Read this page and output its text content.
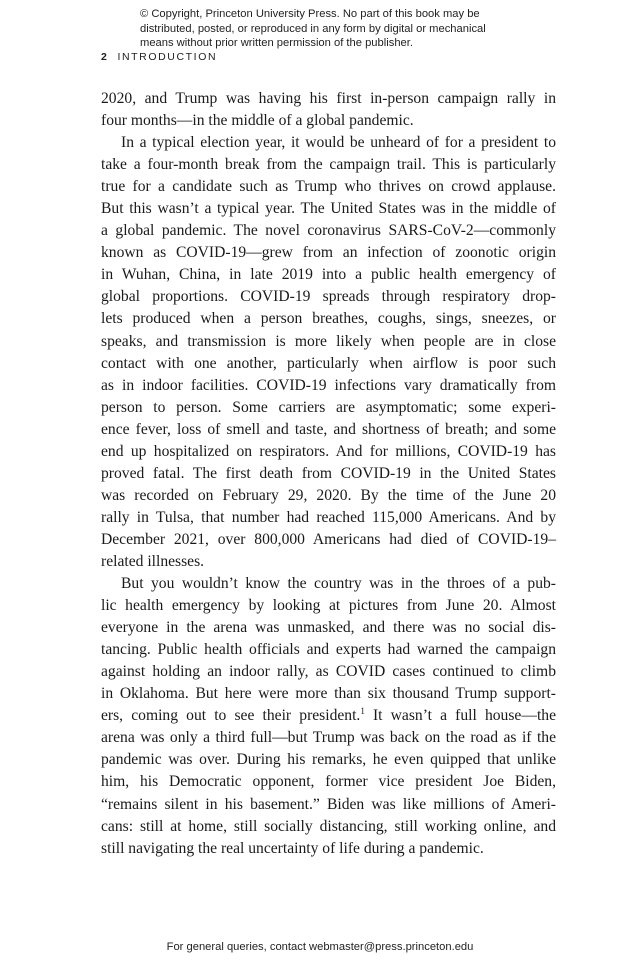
© Copyright, Princeton University Press. No part of this book may be
distributed, posted, or reproduced in any form by digital or mechanical
means without prior written permission of the publisher.
2 INTRODUCTION
2020, and Trump was having his first in-person campaign rally in
four months—in the middle of a global pandemic.
In a typical election year, it would be unheard of for a president to
take a four-month break from the campaign trail. This is particularly
true for a candidate such as Trump who thrives on crowd applause.
But this wasn’t a typical year. The United States was in the middle of
a global pandemic. The novel coronavirus SARS-CoV-2—commonly
known as COVID-19—grew from an infection of zoonotic origin
in Wuhan, China, in late 2019 into a public health emergency of
global proportions. COVID-19 spreads through respiratory drop-
lets produced when a person breathes, coughs, sings, sneezes, or
speaks, and transmission is more likely when people are in close
contact with one another, particularly when airflow is poor such
as in indoor facilities. COVID-19 infections vary dramatically from
person to person. Some carriers are asymptomatic; some experi-
ence fever, loss of smell and taste, and shortness of breath; and some
end up hospitalized on respirators. And for millions, COVID-19 has
proved fatal. The first death from COVID-19 in the United States
was recorded on February 29, 2020. By the time of the June 20
rally in Tulsa, that number had reached 115,000 Americans. And by
December 2021, over 800,000 Americans had died of COVID-19–
related illnesses.
But you wouldn’t know the country was in the throes of a pub-
lic health emergency by looking at pictures from June 20. Almost
everyone in the arena was unmasked, and there was no social dis-
tancing. Public health officials and experts had warned the campaign
against holding an indoor rally, as COVID cases continued to climb
in Oklahoma. But here were more than six thousand Trump support-
ers, coming out to see their president.$^1$ It wasn’t a full house—the
arena was only a third full—but Trump was back on the road as if the
pandemic was over. During his remarks, he even quipped that unlike
him, his Democratic opponent, former vice president Joe Biden,
“remains silent in his basement.” Biden was like millions of Ameri-
cans: still at home, still socially distancing, still working online, and
still navigating the real uncertainty of life during a pandemic.
For general queries, contact webmaster@press.princeton.edu
